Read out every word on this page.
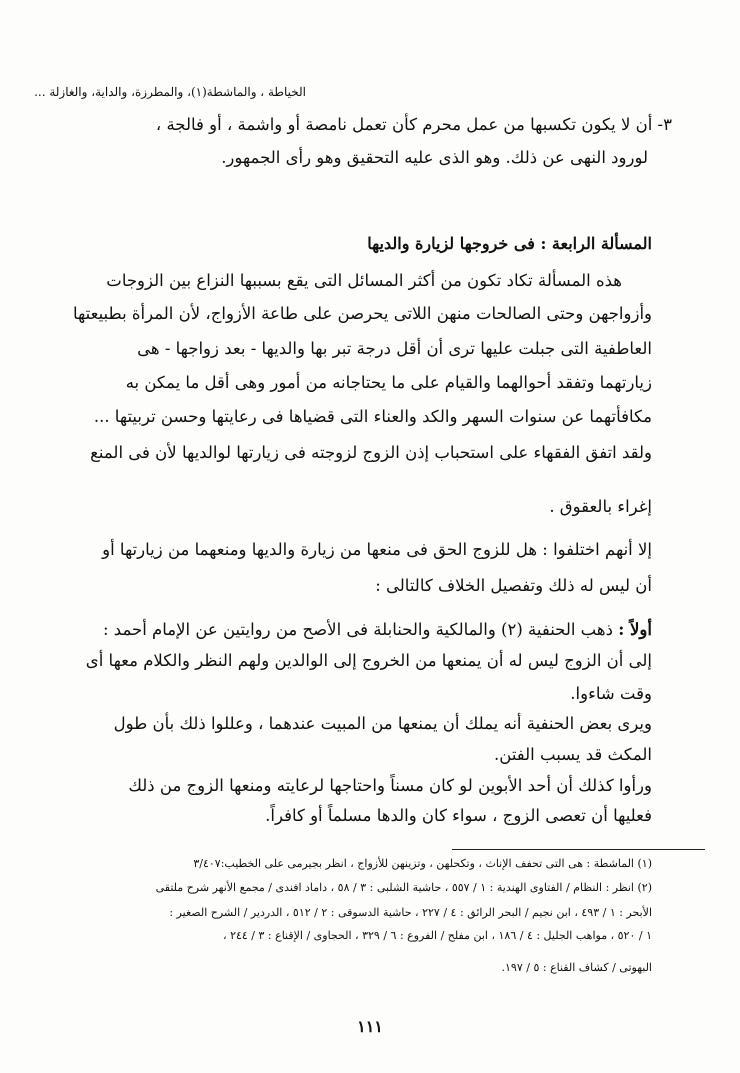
الخياطة ، والماشطة(١)، والمطرزة، والداية، والغازلة ...
٣- أن لا يكون تكسبها من عمل محرم كأن تعمل نامصة أو واشمة ، أو فالجة ،
لورود النهى عن ذلك. وهو الذى عليه التحقيق وهو رأى الجمهور.
المسألة الرابعة : فى خروجها لزيارة والديها
هذه المسألة تكاد تكون من أكثر المسائل التى يقع بسببها النزاع بين الزوجات
وأزواجهن وحتى الصالحات منهن اللاتى يحرصن على طاعة الأزواج، لأن المرأة بطبيعتها
العاطفية التى جبلت عليها ترى أن أقل درجة تبر بها والديها - بعد زواجها - هى
زيارتهما وتفقد أحوالهما والقيام على ما يحتاجانه من أمور وهى أقل ما يمكن به
مكافأتهما عن سنوات السهر والكد والعناء التى قضياها فى رعايتها وحسن تربيتها ...
ولقد اتفق الفقهاء على استحباب إذن الزوج لزوجته فى زيارتها لوالديها لأن فى المنع
إغراء بالعقوق .
إلا أنهم اختلفوا : هل للزوج الحق فى منعها من زيارة والديها ومنعهما من زيارتها أو
أن ليس له ذلك وتفصيل الخلاف كالتالى :
أولاً : ذهب الحنفية (٢) والمالكية والحنابلة فى الأصح من روايتين عن الإمام أحمد :
إلى أن الزوج ليس له أن يمنعها من الخروج إلى الوالدين ولهم النظر والكلام معها أى
وقت شاءوا.
ويرى بعض الحنفية أنه يملك أن يمنعها من المبيت عندهما ، وعللوا ذلك بأن طول
المكث قد يسبب الفتن.
ورأوا كذلك أن أحد الأبوين لو كان مسناً واحتاجها لرعايته ومنعها الزوج من ذلك
فعليها أن تعصى الزوج ، سواء كان والدها مسلماً أو كافراً.
(١) الماشطة : هى التى تحفف الإناث ، وتكحلهن ، وتزينهن للأزواج ، انظر بجيرمى على الخطيب:٣/٤٠٧
(٢) انظر : النظام / الفتاوى الهندية : ١ / ٥٥٧ ، حاشية الشلبى : ٣ / ٥٨ ، داماد افندى / مجمع الأنهر شرح ملتقى
الأبحر : ١ / ٤٩٣ ، ابن نجيم / البحر الرائق : ٤ / ٢٢٧ ، حاشية الدسوقى : ٢ / ٥١٢ ، الدردير / الشرح الصغير :
١ / ٥٢٠ ، مواهب الجليل : ٤ / ١٨٦ ، ابن مفلح / الفروع : ٦ / ٣٢٩ ، الحجاوى / الإقناع : ٣ / ٢٤٤ ،
البهوتى / كشاف القناع : ٥ / ١٩٧.
١١١
